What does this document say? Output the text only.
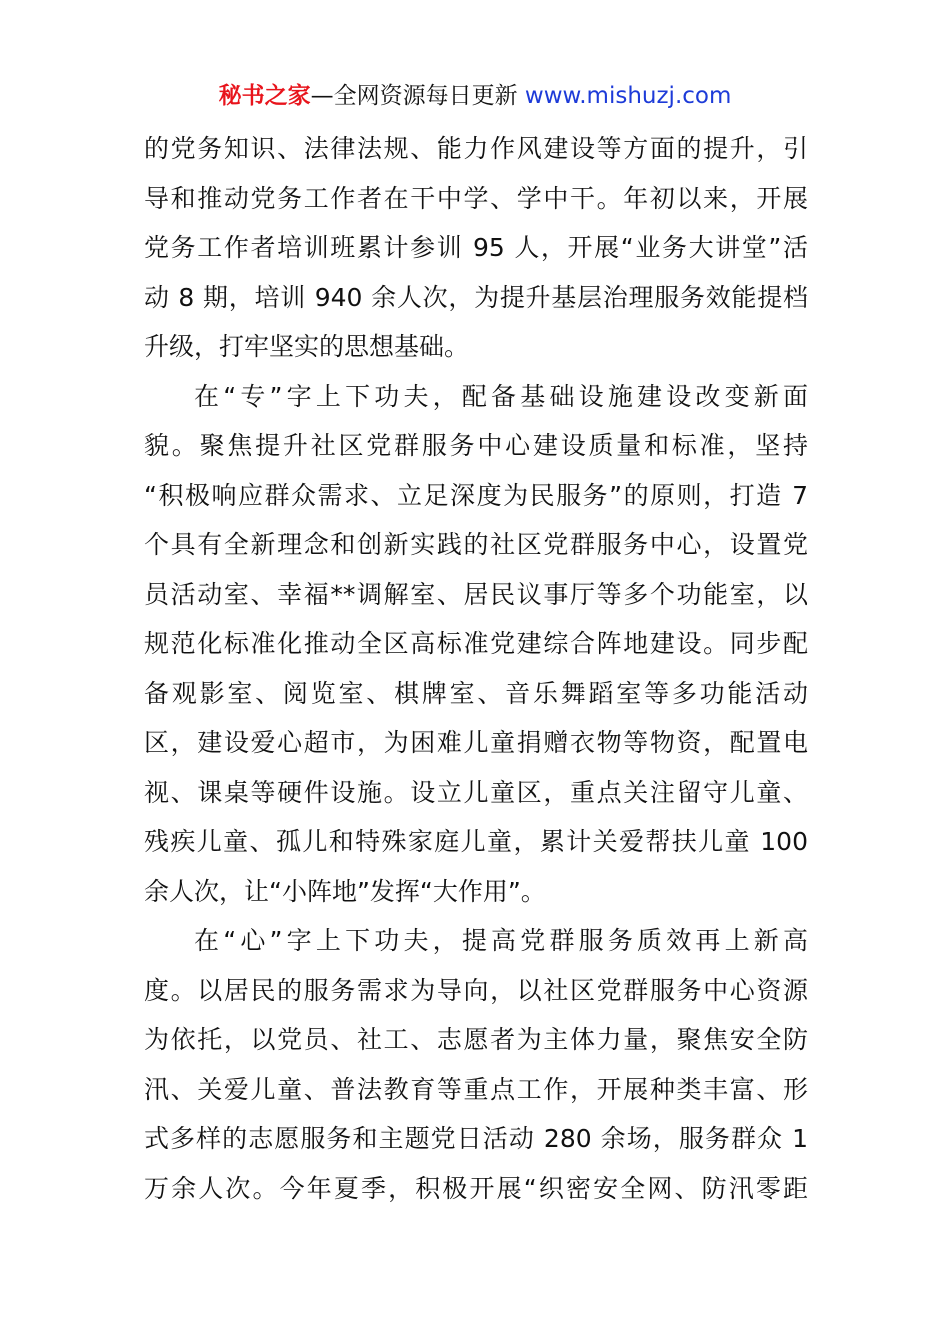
秘书之家—全网资源每日更新 www.mishuzj.com
的党务知识、法律法规、能力作风建设等方面的提升，引
导和推动党务工作者在干中学、学中干。年初以来，开展
党务工作者培训班累计参训 95 人，开展“业务大讲堂”活
动 8 期，培训 940 余人次，为提升基层治理服务效能提档
升级，打牢坚实的思想基础。
在“专”字上下功夫，配备基础设施建设改变新面
貌。聚焦提升社区党群服务中心建设质量和标准，坚持
“积极响应群众需求、立足深度为民服务”的原则，打造 7
个具有全新理念和创新实践的社区党群服务中心，设置党
员活动室、幸福**调解室、居民议事厅等多个功能室，以
规范化标准化推动全区高标准党建综合阵地建设。同步配
备观影室、阅览室、棋牌室、音乐舞蹈室等多功能活动
区，建设爱心超市，为困难儿童捐赠衣物等物资，配置电
视、课桌等硬件设施。设立儿童区，重点关注留守儿童、
残疾儿童、孤儿和特殊家庭儿童，累计关爱帮扶儿童 100
余人次，让“小阵地”发挥“大作用”。
在“心”字上下功夫，提高党群服务质效再上新高
度。以居民的服务需求为导向，以社区党群服务中心资源
为依托，以党员、社工、志愿者为主体力量，聚焦安全防
汛、关爱儿童、普法教育等重点工作，开展种类丰富、形
式多样的志愿服务和主题党日活动 280 余场，服务群众 1
万余人次。今年夏季，积极开展“织密安全网、防汛零距
